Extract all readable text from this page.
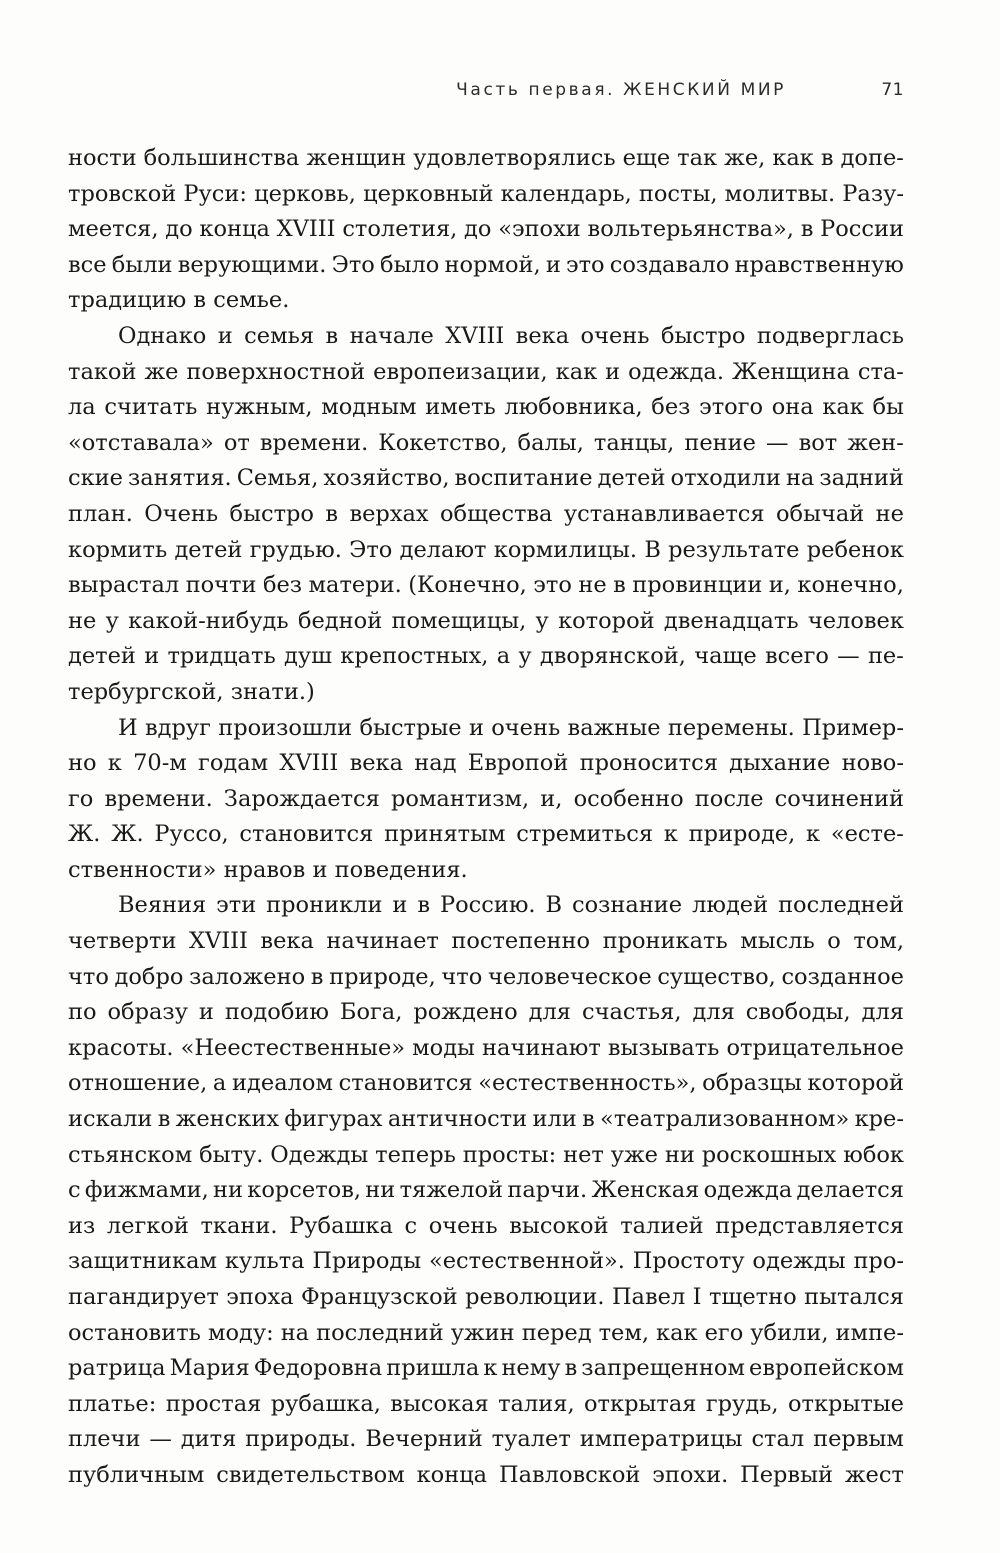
Часть первая. ЖЕНСКИЙ МИР	71
ности большинства женщин удовлетворялись еще так же, как в допе-
тровской Руси: церковь, церковный календарь, посты, молитвы. Разу-
меется, до конца XVIII столетия, до «эпохи вольтерьянства», в России
все были верующими. Это было нормой, и это создавало нравственную
традицию в семье.
Однако и семья в начале XVIII века очень быстро подверглась
такой же поверхностной европеизации, как и одежда. Женщина ста-
ла считать нужным, модным иметь любовника, без этого она как бы
«отставала» от времени. Кокетство, балы, танцы, пение — вот жен-
ские занятия. Семья, хозяйство, воспитание детей отходили на задний
план. Очень быстро в верхах общества устанавливается обычай не
кормить детей грудью. Это делают кормилицы. В результате ребенок
вырастал почти без матери. (Конечно, это не в провинции и, конечно,
не у какой-нибудь бедной помещицы, у которой двенадцать человек
детей и тридцать душ крепостных, а у дворянской, чаще всего — пе-
тербургской, знати.)
И вдруг произошли быстрые и очень важные перемены. Пример-
но к 70-м годам XVIII века над Европой проносится дыхание ново-
го времени. Зарождается романтизм, и, особенно после сочинений
Ж. Ж. Руссо, становится принятым стремиться к природе, к «есте-
ственности» нравов и поведения.
Веяния эти проникли и в Россию. В сознание людей последней
четверти XVIII века начинает постепенно проникать мысль о том,
что добро заложено в природе, что человеческое существо, созданное
по образу и подобию Бога, рождено для счастья, для свободы, для
красоты. «Неестественные» моды начинают вызывать отрицательное
отношение, а идеалом становится «естественность», образцы которой
искали в женских фигурах античности или в «театрализованном» кре-
стьянском быту. Одежды теперь просты: нет уже ни роскошных юбок
с фижмами, ни корсетов, ни тяжелой парчи. Женская одежда делается
из легкой ткани. Рубашка с очень высокой талией представляется
защитникам культа Природы «естественной». Простоту одежды про-
пагандирует эпоха Французской революции. Павел I тщетно пытался
остановить моду: на последний ужин перед тем, как его убили, импе-
ратрица Мария Федоровна пришла к нему в запрещенном европейском
платье: простая рубашка, высокая талия, открытая грудь, открытые
плечи — дитя природы. Вечерний туалет императрицы стал первым
публичным свидетельством конца Павловской эпохи. Первый жест
